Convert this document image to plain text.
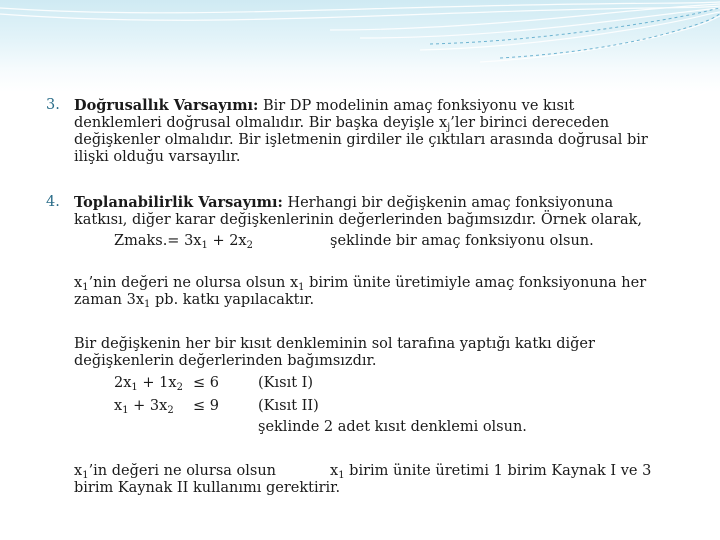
3. Doğrusallık Varsayımı: Bir DP modelinin amaç fonksiyonu ve kısıt
denklemleri doğrusal olmalıdır. Bir başka deyişle $x_j’ler$ birinci dereceden
değişkenler olmalıdır. Bir işletmenin girdiler ile çıktıları arasında doğrusal bir
ilişki olduğu varsayılır.
4. Toplanabilirlik Varsayımı: Herhangi bir değişkenin amaç fonksiyonuna
katkısı, diğer karar değişkenlerinin değerlerinden bağımsızdır. Örnek olarak,
Zmaks.= $3x_1 + 2x_2$	şeklinde bir amaç fonksiyonu olsun.
$x_1’nin$ değeri ne olursa olsun $x_1$ birim ünite üretimiyle amaç fonksiyonuna her
zaman $3x_1$ pb. katkı yapılacaktır.
Bir değişkenin her bir kısıt denkleminin sol tarafına yaptığı katkı diğer
değişkenlerin değerlerinden bağımsızdır.
$2x_1 + 1x_2 \le 6$	(Kısıt I)
$x_1 + 3x_2 \le 9$	(Kısıt II)
şeklinde 2 adet kısıt denklemi olsun.
$x_1’in$ değeri ne olursa olsun	$x_1$ birim ünite üretimi 1 birim Kaynak I ve 3
birim Kaynak II kullanımı gerektirir.
